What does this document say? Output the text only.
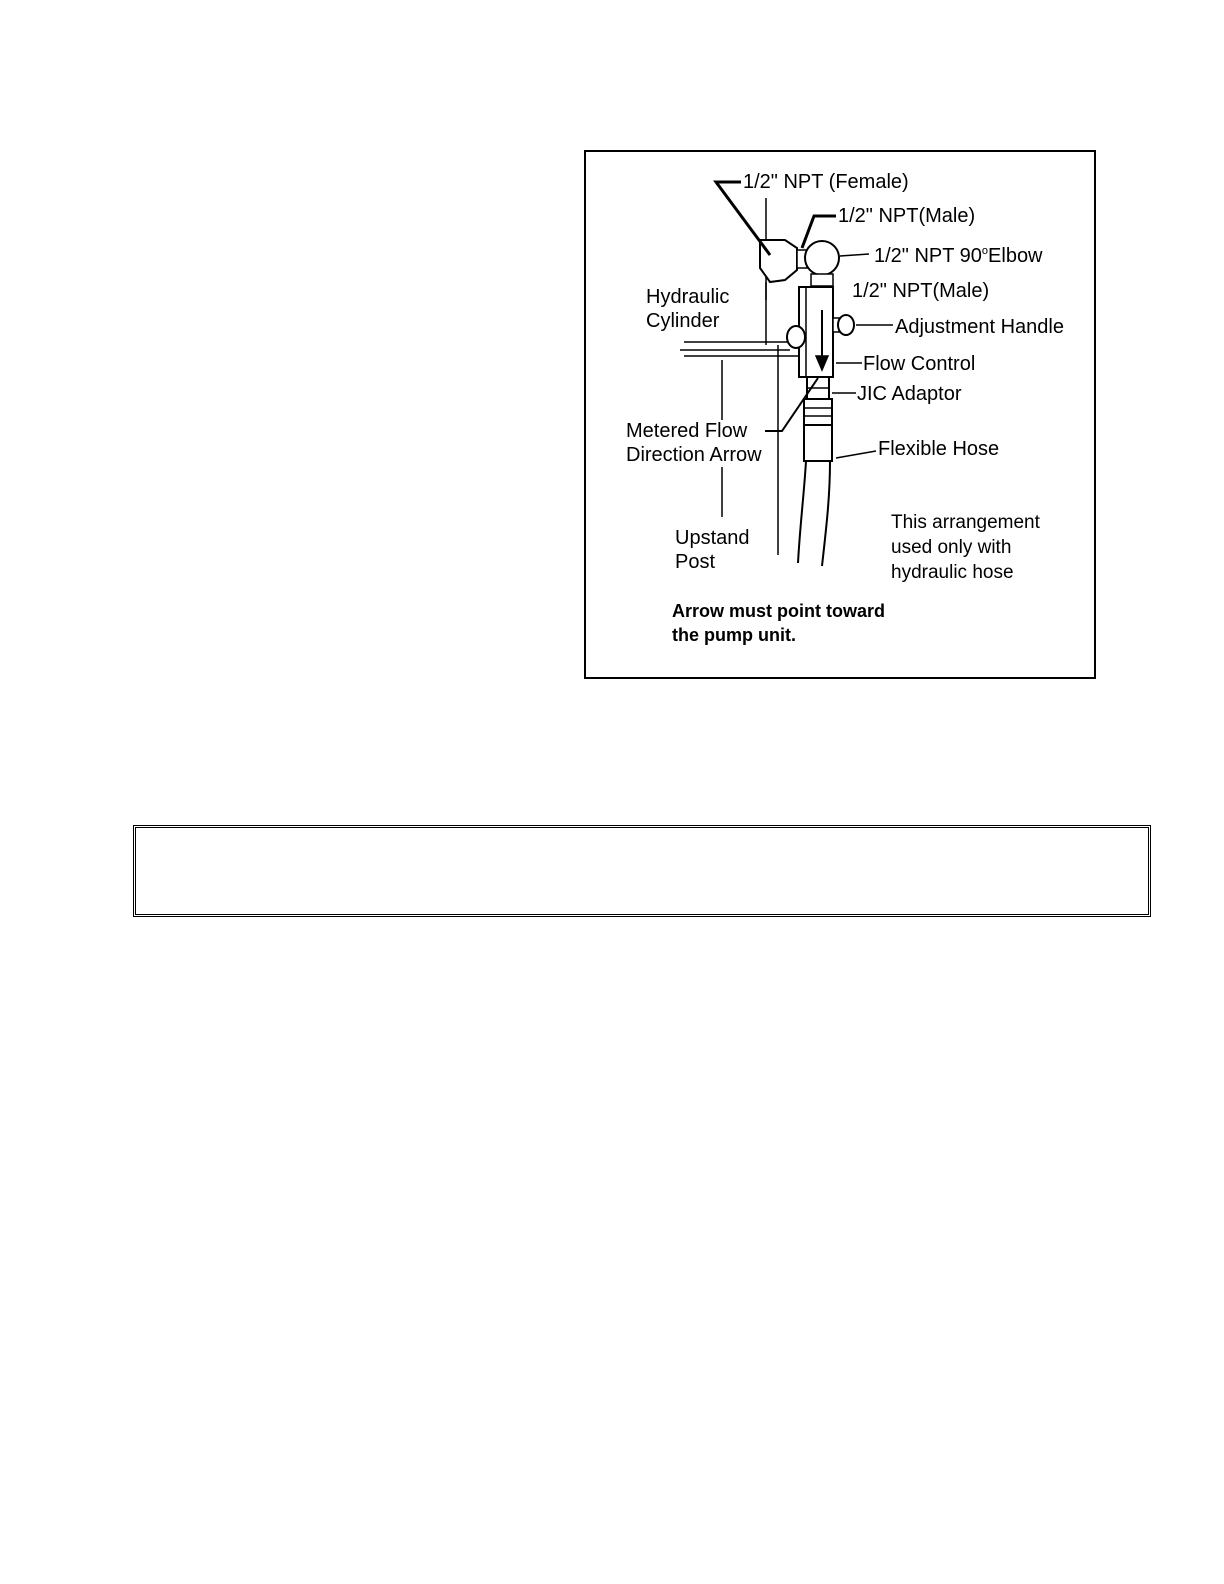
1/2" NPT (Female)
1/2" NPT(Male)
1/2" NPT 90$^o$Elbow
1/2" NPT(Male)
Hydraulic
Cylinder	Adjustment Handle
Flow Control
JIC Adaptor
Metered Flow
Direction Arrow	Flexible Hose
Upstand
Post
This arrangement
used only with
hydraulic hose
Arrow must point toward
the pump unit.
